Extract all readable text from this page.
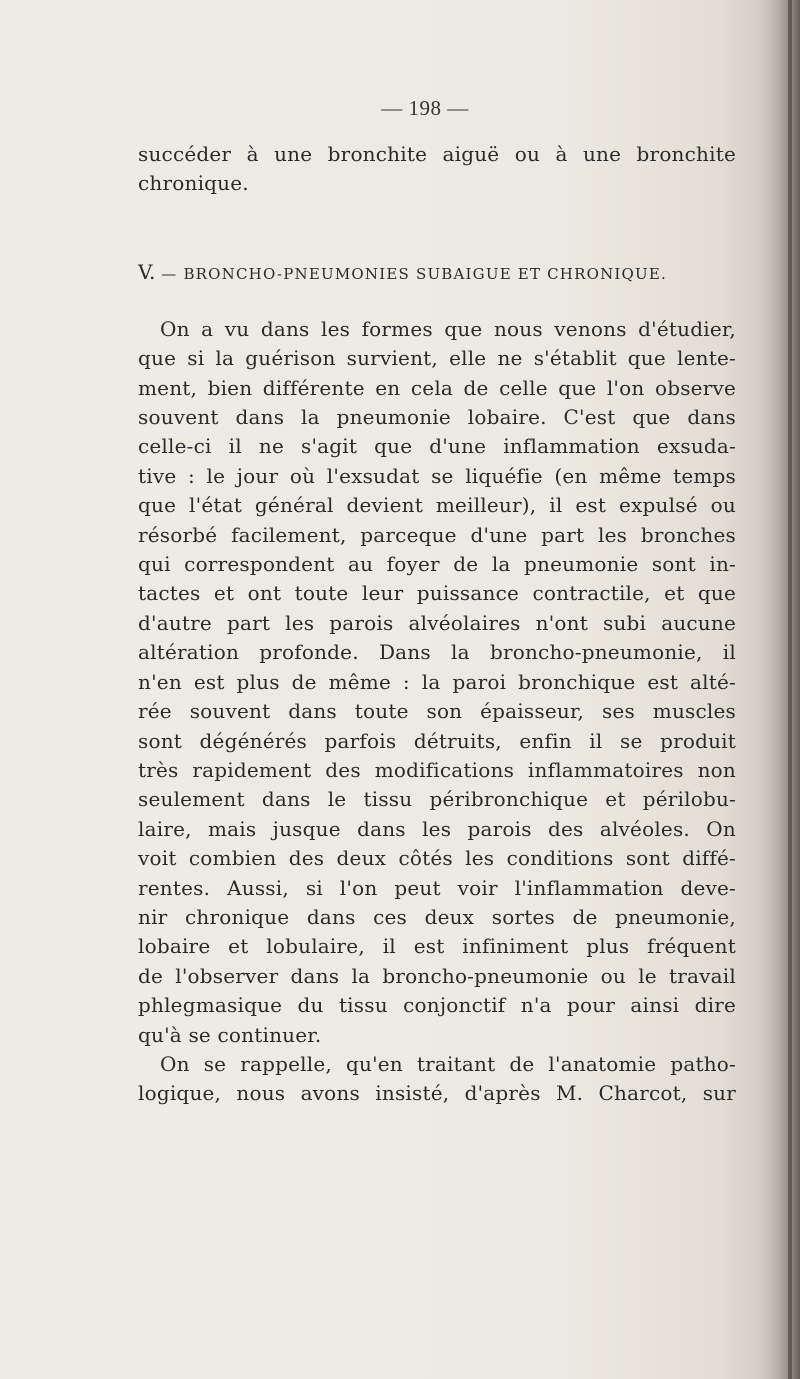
— 198 —
succéder à une bronchite aiguë ou à une bronchite
chronique.
V. — BRONCHO-PNEUMONIES SUBAIGUE ET CHRONIQUE.
On a vu dans les formes que nous venons d'étudier,
que si la guérison survient, elle ne s'établit que lente-
ment, bien différente en cela de celle que l'on observe
souvent dans la pneumonie lobaire. C'est que dans
celle-ci il ne s'agit que d'une inflammation exsuda-
tive : le jour où l'exsudat se liquéfie (en même temps
que l'état général devient meilleur), il est expulsé ou
résorbé facilement, parceque d'une part les bronches
qui correspondent au foyer de la pneumonie sont in-
tactes et ont toute leur puissance contractile, et que
d'autre part les parois alvéolaires n'ont subi aucune
altération profonde. Dans la broncho-pneumonie, il
n'en est plus de même : la paroi bronchique est alté-
rée souvent dans toute son épaisseur, ses muscles
sont dégénérés parfois détruits, enfin il se produit
très rapidement des modifications inflammatoires non
seulement dans le tissu péribronchique et périlobu-
laire, mais jusque dans les parois des alvéoles. On
voit combien des deux côtés les conditions sont diffé-
rentes. Aussi, si l'on peut voir l'inflammation deve-
nir chronique dans ces deux sortes de pneumonie,
lobaire et lobulaire, il est infiniment plus fréquent
de l'observer dans la broncho-pneumonie ou le travail
phlegmasique du tissu conjonctif n'a pour ainsi dire
qu'à se continuer.
On se rappelle, qu'en traitant de l'anatomie patho-
logique, nous avons insisté, d'après M. Charcot, sur
